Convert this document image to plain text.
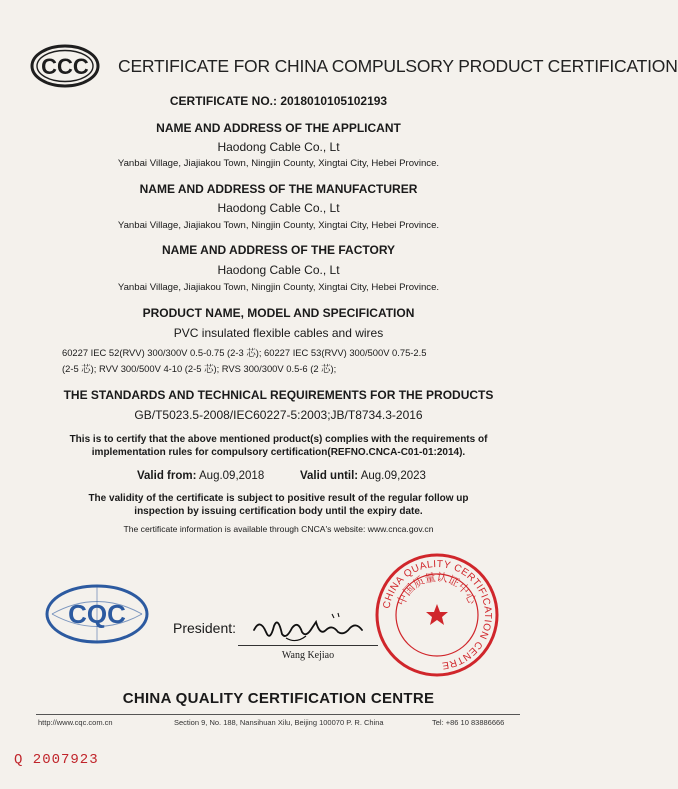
CCC CERTIFICATE FOR CHINA COMPULSORY PRODUCT CERTIFICATION
CERTIFICATE NO.: 2018010105102193
NAME AND ADDRESS OF THE APPLICANT
Haodong Cable Co., Lt
Yanbai Village, Jiajiakou Town, Ningjin County, Xingtai City, Hebei Province.
NAME AND ADDRESS OF THE MANUFACTURER
Haodong Cable Co., Lt
Yanbai Village, Jiajiakou Town, Ningjin County, Xingtai City, Hebei Province.
NAME AND ADDRESS OF THE FACTORY
Haodong Cable Co., Lt
Yanbai Village, Jiajiakou Town, Ningjin County, Xingtai City, Hebei Province.
PRODUCT NAME, MODEL AND SPECIFICATION
PVC insulated flexible cables and wires
60227 IEC 52(RVV) 300/300V 0.5-0.75 (2-3 芯); 60227 IEC 53(RVV) 300/500V 0.75-2.5
(2-5 芯); RVV 300/500V 4-10 (2-5 芯); RVS 300/300V 0.5-6 (2 芯);
THE STANDARDS AND TECHNICAL REQUIREMENTS FOR THE PRODUCTS
GB/T5023.5-2008/IEC60227-5:2003;JB/T8734.3-2016
This is to certify that the above mentioned product(s) complies with the requirements of
implementation rules for compulsory certification(REFNO.CNCA-C01-01:2014).
Valid from: Aug.09,2018	Valid until: Aug.09,2023
The validity of the certificate is subject to positive result of the regular follow up
inspection by issuing certification body until the expiry date.
The certificate information is available through CNCA's website: www.cnca.gov.cn
CQC	President:
Wang Kejiao
CHINA QUALITY CERTIFICATION CENTRE
中国质量认证中心
CHINA QUALITY CERTIFICATION CENTRE
http://www.cqc.com.cn	Section 9, No. 188, Nansihuan Xilu, Beijing 100070 P. R. China	Tel: +86 10 83886666
Q 2007923
